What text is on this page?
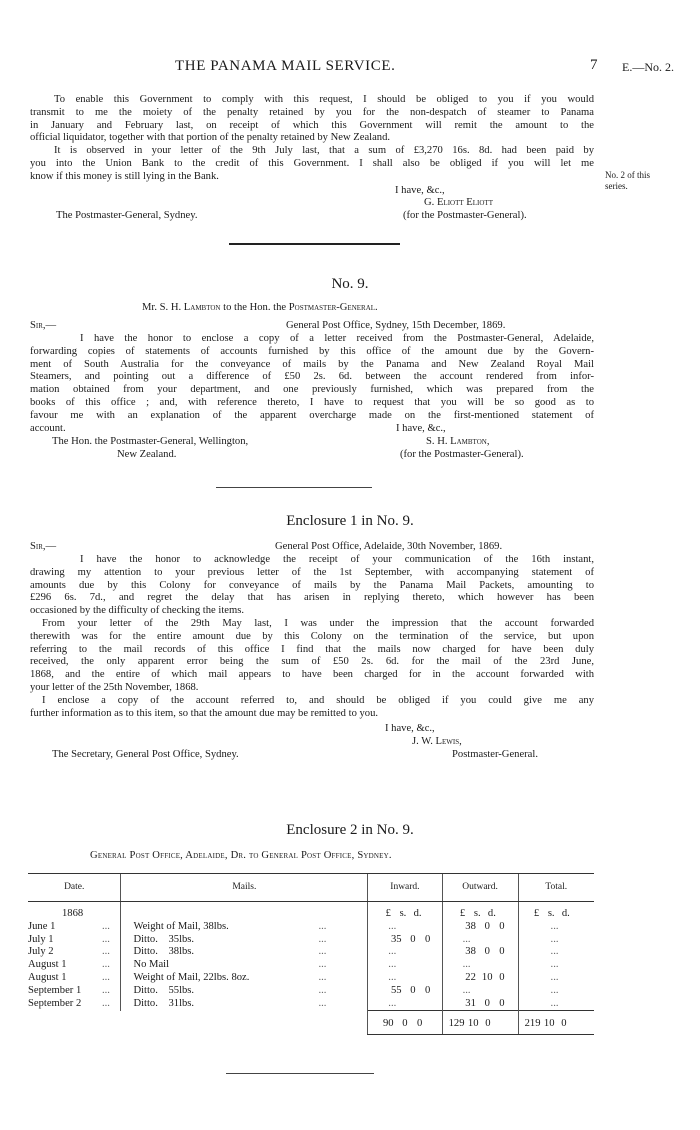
THE PANAMA MAIL SERVICE.	7 E.—No. 2.
To enable this Government to comply with this request, I should be obliged to you if you would
transmit to me the moiety of the penalty retained by you for the non-despatch of steamer to Panama
in January and February last, on receipt of which this Government will remit the amount to the
official liquidator, together with that portion of the penalty retained by New Zealand.
It is observed in your letter of the 9th July last, that a sum of £3,270 16s. 8d. had been paid by
you into the Union Bank to the credit of this Government. I shall also be obliged if you will let me
know if this money is still lying in the Bank.	No. 2 of this
series.
I have, &c.,
G. Eliott Eliott
(for the Postmaster-General).
The Postmaster-General, Sydney.
No. 9.
Mr. S. H. Lambton to the Hon. the Postmaster-General.
Sir,—	General Post Office, Sydney, 15th December, 1869.
I have the honor to enclose a copy of a letter received from the Postmaster-General, Adelaide,
forwarding copies of statements of accounts furnished by this office of the amount due by the Govern-
ment of South Australia for the conveyance of mails by the Panama and New Zealand Royal Mail
Steamers, and pointing out a difference of £50 2s. 6d. between the account rendered from infor-
mation obtained from your department, and one previously furnished, which was prepared from the
books of this office ; and, with reference thereto, I have to request that you will be so good as to
favour me with an explanation of the apparent overcharge made on the first-mentioned statement of
account.	I have, &c.,
The Hon. the Postmaster-General, Wellington,	S. H. Lambton,
New Zealand.	(for the Postmaster-General).
Enclosure 1 in No. 9.
Sir,—	General Post Office, Adelaide, 30th November, 1869.
I have the honor to acknowledge the receipt of your communication of the 16th instant,
drawing my attention to your previous letter of the 1st September, with accompanying statement of
amounts due by this Colony for conveyance of mails by the Panama Mail Packets, amounting to
£296 6s. 7d., and regret the delay that has arisen in replying thereto, which however has been
occasioned by the difficulty of checking the items.
From your letter of the 29th May last, I was under the impression that the account forwarded
therewith was for the entire amount due by this Colony on the termination of the service, but upon
referring to the mail records of this office I find that the mails now charged for have been duly
received, the only apparent error being the sum of £50 2s. 6d. for the mail of the 23rd June,
1868, and the entire of which mail appears to have been charged for in the account forwarded with
your letter of the 25th November, 1868.
I enclose a copy of the account referred to, and should be obliged if you could give me any
further information as to this item, so that the amount due may be remitted to you.
I have, &c.,
J. W. Lewis,
The Secretary, General Post Office, Sydney.	Postmaster-General.
Enclosure 2 in No. 9.
General Post Office, Adelaide, Dr. to General Post Office, Sydney.
Date.	Mails.	Inward.	Outward.	Total.
1868		£ s. d.	£ s. d.	£ s. d.
June 1 ...	Weight of Mail, 38lbs. ...	...	38 0 0	...
July 1 ...	Ditto.    35lbs. ...	35 0 0	...	...
July 2 ...	Ditto.    38lbs. ...	...	38 0 0	...
August 1 ...	No Mail ...	...	...	...
August 1 ...	Weight of Mail, 22lbs. 8oz. ...	...	22 10 0	...
September 1 ...	Ditto.    55lbs. ...	55 0 0	...	...
September 2 ...	Ditto.    31lbs. ...	...	31 0 0	...
		90 0 0	129 10 0	219 10 0
